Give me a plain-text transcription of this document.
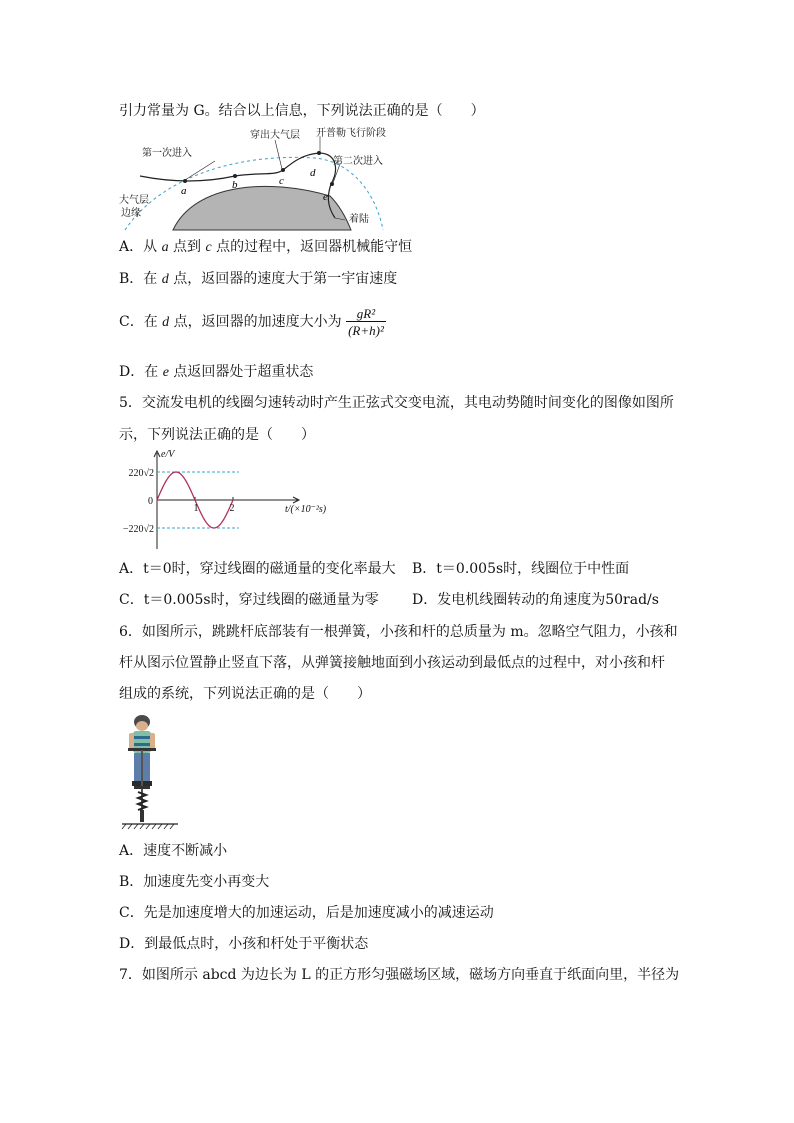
引力常量为 G。结合以上信息，下列说法正确的是（　　）
a	b	c
d
e
第一次进入
穿出大气层 开普勒飞行阶段
第二次进入
大气层
边缘
着陆
A．从 a 点到 c 点的过程中，返回器机械能守恒
B．在 d 点，返回器的速度大于第一宇宙速度
C．在 d 点，返回器的加速度大小为 $\frac{\text{gR²}}{\text{(R+h)²}}$
D．在 e 点返回器处于超重状态
5．交流发电机的线圈匀速转动时产生正弦式交变电流，其电动势随时间变化的图像如图所
示，下列说法正确的是（　　）
e/V
t/(×10⁻²s)
220√2
0
−220√2
1	2
A．t＝0时，穿过线圈的磁通量的变化率最大 B．t＝0.005s时，线圈位于中性面
C．t＝0.005s时，穿过线圈的磁通量为零 D．发电机线圈转动的角速度为50rad/s
6．如图所示，跳跳杆底部装有一根弹簧，小孩和杆的总质量为 m。忽略空气阻力，小孩和
杆从图示位置静止竖直下落，从弹簧接触地面到小孩运动到最低点的过程中，对小孩和杆
组成的系统，下列说法正确的是（　　）
A．速度不断减小
B．加速度先变小再变大
C．先是加速度增大的加速运动，后是加速度减小的减速运动
D．到最低点时，小孩和杆处于平衡状态
7．如图所示 abcd 为边长为 L 的正方形匀强磁场区域，磁场方向垂直于纸面向里，半径为
